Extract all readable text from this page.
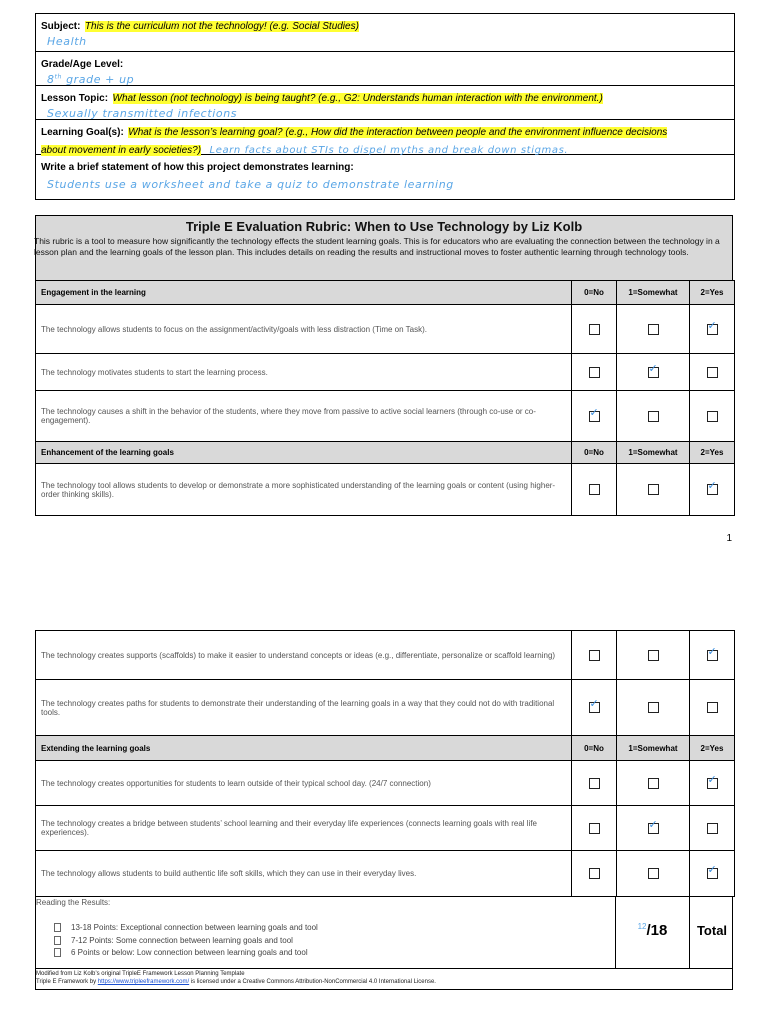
Subject: This is the curriculum not the technology! (e.g. Social Studies)
Health
Grade/Age Level:
8th grade + up
Lesson Topic: What lesson (not technology) is being taught? (e.g., G2: Understands human interaction with the environment.)
Sexually transmitted infections
Learning Goal(s): What is the lesson’s learning goal? (e.g., How did the interaction between people and the environment influence decisions
about movement in early societies?) Learn facts about STIs to dispel myths and break down stigmas.
Write a brief statement of how this project demonstrates learning:
Students use a worksheet and take a quiz to demonstrate learning
Triple E Evaluation Rubric: When to Use Technology by Liz Kolb
This rubric is a tool to measure how significantly the technology effects the student learning goals. This is for educators who are evaluating the connection between the technology in a lesson plan and the learning goals of the lesson plan. This includes details on reading the results and instructional moves to foster authentic learning through technology tools.
Engagement in the learning	0=No	1=Somewhat	2=Yes
The technology allows students to focus on the assignment/activity/goals with less distraction (Time on Task).			✓

The technology motivates students to start the learning process.		✓	

The technology causes a shift in the behavior of the students, where they move from passive to active social learners (through co-use or co-engagement).	✓		

Enhancement of the learning goals	0=No	1=Somewhat	2=Yes
The technology tool allows students to develop or demonstrate a more sophisticated understanding of the learning goals or content (using higher-order thinking skills).			✓
1
The technology creates supports (scaffolds) to make it easier to understand concepts or ideas (e.g., differentiate, personalize or scaffold learning)			✓

The technology creates paths for students to demonstrate their understanding of the learning goals in a way that they could not do with traditional tools.	✓		

Extending the learning goals	0=No	1=Somewhat	2=Yes
The technology creates opportunities for students to learn outside of their typical school day. (24/7 connection)			✓

The technology creates a bridge between students’ school learning and their everyday life experiences (connects learning goals with real life experiences).		✓	

The technology allows students to build authentic life soft skills, which they can use in their everyday lives.			✓
Reading the Results:
13-18 Points: Exceptional connection between learning goals and tool
7-12 Points: Some connection between learning goals and tool
6 Points or below: Low connection between learning goals and tool
$^{12}$/18	Total
Modified from Liz Kolb’s original TripleE Framework Lesson Planning Template
Triple E Framework by https://www.tripleeframework.com/ is licensed under a Creative Commons Attribution-NonCommercial 4.0 International License.
